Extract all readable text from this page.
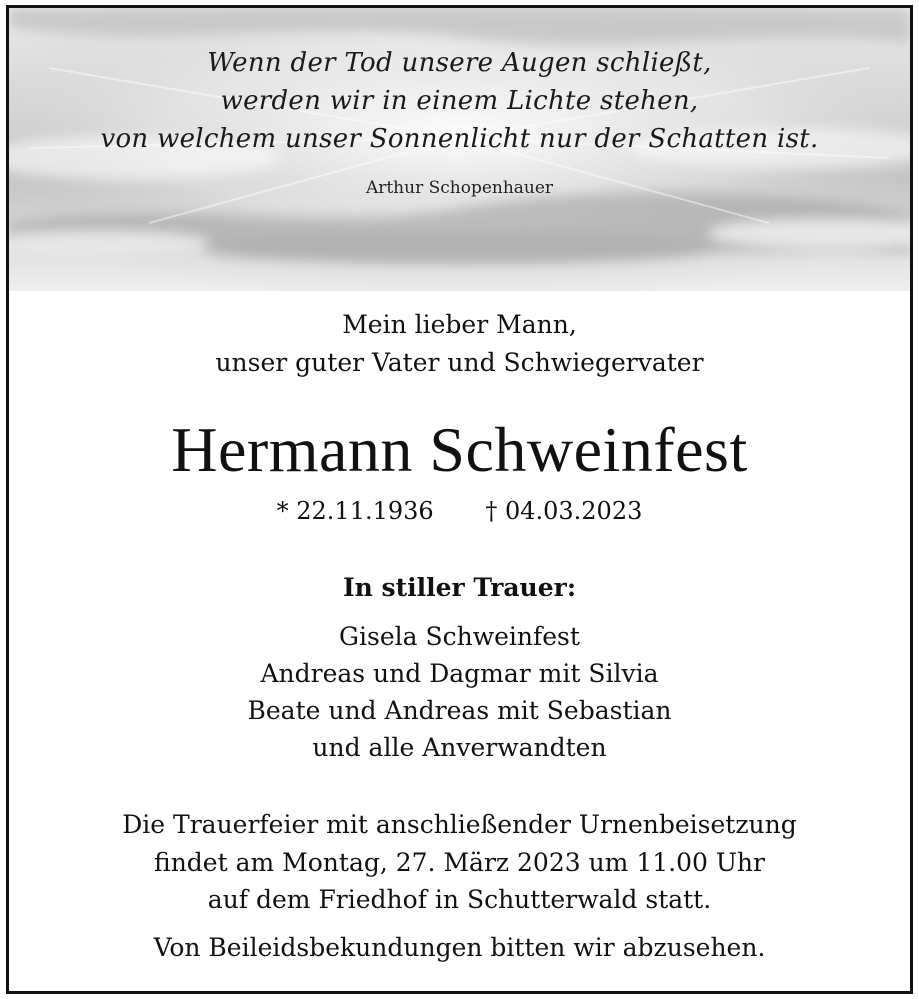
Wenn der Tod unsere Augen schließt,
werden wir in einem Lichte stehen,
von welchem unser Sonnenlicht nur der Schatten ist.
Arthur Schopenhauer
Mein lieber Mann,
unser guter Vater und Schwiegervater
Hermann Schweinfest
* 22.11.1936 † 04.03.2023
In stiller Trauer:
Gisela Schweinfest
Andreas und Dagmar mit Silvia
Beate und Andreas mit Sebastian
und alle Anverwandten
Die Trauerfeier mit anschließender Urnenbeisetzung
findet am Montag, 27. März 2023 um 11.00 Uhr
auf dem Friedhof in Schutterwald statt.
Von Beileidsbekundungen bitten wir abzusehen.
